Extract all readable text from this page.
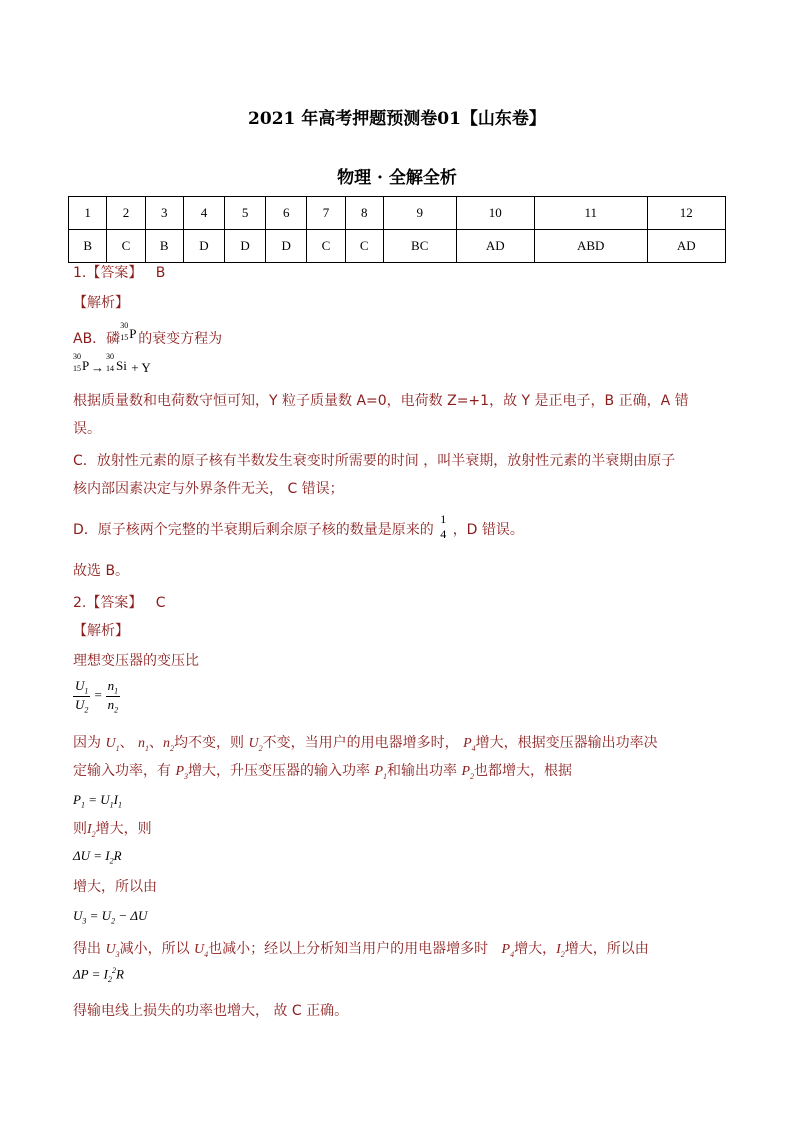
2021 年高考押题预测卷01【山东卷】
物理 · 全解全析
1	2	3	4	5	6	7	8	9	10	11	12
B	C	B	D	D	D	C	C	BC	AD	ABD	AD
1.【答案】 B
【解析】
AB．磷
30
15 P 的衰变方程为
30
15 P →
30
14 Si + Y
根据质量数和电荷数守恒可知，Y 粒子质量数 A=0，电荷数 Z=+1，故 Y 是正电子，B 正确，A 错
误。
C．放射性元素的原子核有半数发生衰变时所需要的时间 ，叫半衰期，放射性元素的半衰期由原子
核内部因素决定与外界条件无关， C 错误；
D．原子核两个完整的半衰期后剩余原子核的数量是原来的
1
4 ，D 错误。
故选 B。
2.【答案】 C
【解析】
理想变压器的变压比
$\frac{U_1}{U_2} = \frac{n_1}{n_2}$
因为 $U_1$、 $n_1$、$n_2$均不变，则 $U_2$不变，当用户的用电器增多时， $P_4$增大，根据变压器输出功率决
定输入功率，有 $P_3$增大，升压变压器的输入功率 $P_1$和输出功率 $P_2$也都增大，根据
$P_1 = U_1I_1$
则$I_2$增大，则
$\Delta U = I_2R$
增大，所以由
$U_3 = U_2 - \Delta U$
得出 $U_3$减小，所以 $U_4$也减小；经以上分析知当用户的用电器增多时 $P_4$增大，$I_2$增大，所以由
$\Delta P = I_2^2R$
得输电线上损失的功率也增大， 故 C 正确。
